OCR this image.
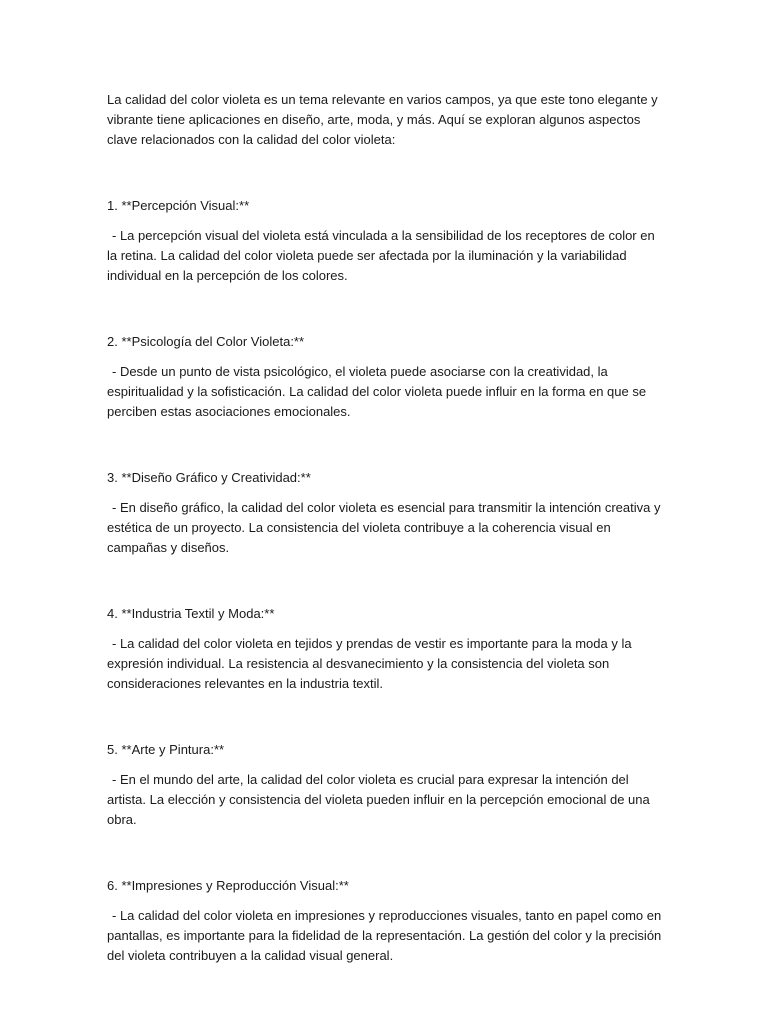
La calidad del color violeta es un tema relevante en varios campos, ya que este tono elegante y vibrante tiene aplicaciones en diseño, arte, moda, y más. Aquí se exploran algunos aspectos clave relacionados con la calidad del color violeta:

1. **Percepción Visual:**

- La percepción visual del violeta está vinculada a la sensibilidad de los receptores de color en la retina. La calidad del color violeta puede ser afectada por la iluminación y la variabilidad individual en la percepción de los colores.

2. **Psicología del Color Violeta:**

- Desde un punto de vista psicológico, el violeta puede asociarse con la creatividad, la espiritualidad y la sofisticación. La calidad del color violeta puede influir en la forma en que se perciben estas asociaciones emocionales.

3. **Diseño Gráfico y Creatividad:**

- En diseño gráfico, la calidad del color violeta es esencial para transmitir la intención creativa y estética de un proyecto. La consistencia del violeta contribuye a la coherencia visual en campañas y diseños.

4. **Industria Textil y Moda:**

- La calidad del color violeta en tejidos y prendas de vestir es importante para la moda y la expresión individual. La resistencia al desvanecimiento y la consistencia del violeta son consideraciones relevantes en la industria textil.

5. **Arte y Pintura:**

- En el mundo del arte, la calidad del color violeta es crucial para expresar la intención del artista. La elección y consistencia del violeta pueden influir en la percepción emocional de una obra.

6. **Impresiones y Reproducción Visual:**

- La calidad del color violeta en impresiones y reproducciones visuales, tanto en papel como en pantallas, es importante para la fidelidad de la representación. La gestión del color y la precisión del violeta contribuyen a la calidad visual general.
